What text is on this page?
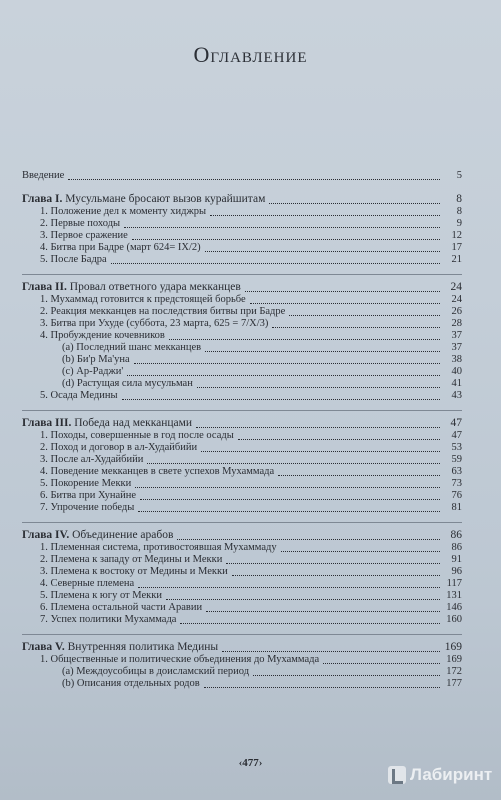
Оглавление
Введение	5
Глава I. Мусульмане бросают вызов курайшитам	8
1. Положение дел к моменту хиджры	8
2. Первые походы	9
3. Первое сражение	12
4. Битва при Бадре (март 624= IX/2)	17
5. После Бадра	21
Глава II. Провал ответного удара мекканцев	24
1. Мухаммад готовится к предстоящей борьбе	24
2. Реакция мекканцев на последствия битвы при Бадре	26
3. Битва при Ухуде (суббота, 23 марта, 625 = 7/X/3)	28
4. Пробуждение кочевников	37
(a) Последний шанс мекканцев	37
(b) Би'р Ма'уна	38
(c) Ар-Раджи'	40
(d) Растущая сила мусульман	41
5. Осада Медины	43
Глава III. Победа над мекканцами	47
1. Походы, совершенные в год после осады	47
2. Поход и договор в ал-Худайбийи	53
3. После ал-Худайбийи	59
4. Поведение мекканцев в свете успехов Мухаммада	63
5. Покорение Мекки	73
6. Битва при Хунайне	76
7. Упрочение победы	81
Глава IV. Объединение арабов	86
1. Племенная система, противостоявшая Мухаммаду	86
2. Племена к западу от Медины и Мекки	91
3. Племена к востоку от Медины и Мекки	96
4. Северные племена	117
5. Племена к югу от Мекки	131
6. Племена остальной части Аравии	146
7. Успех политики Мухаммада	160
Глава V. Внутренняя политика Медины	169
1. Общественные и политические объединения до Мухаммада	169
(a) Междоусобицы в доисламский период	172
(b) Описания отдельных родов	177
‹477›
Лабиринт
